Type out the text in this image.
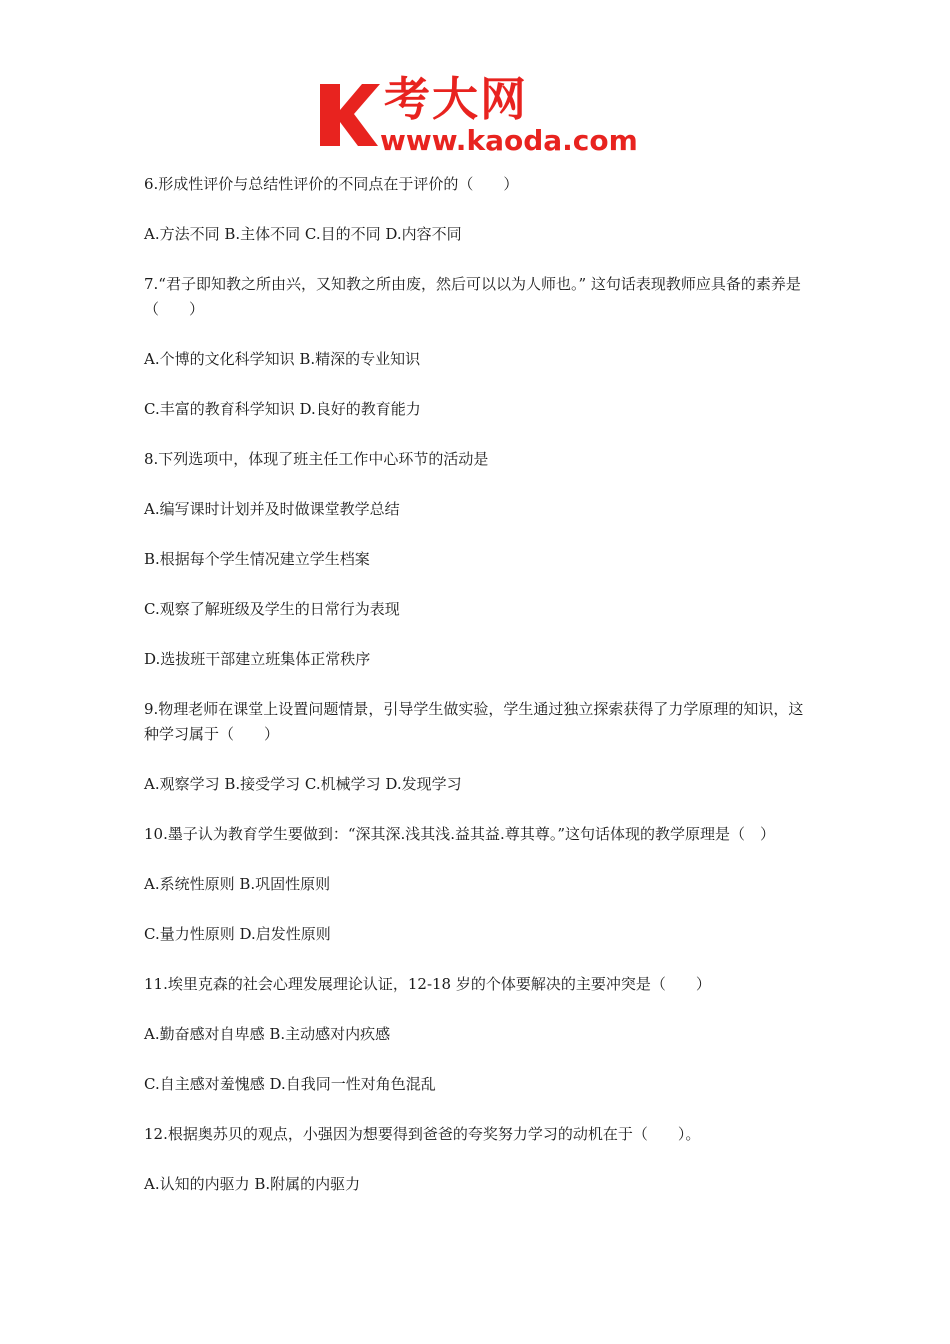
考大网
www.kaoda.com

6.形成性评价与总结性评价的不同点在于评价的（　　）

A.方法不同 B.主体不同 C.目的不同 D.内容不同

7.“君子即知教之所由兴，又知教之所由废，然后可以以为人师也。” 这句话表现教师应具备的素养是（　　）

A.个博的文化科学知识 B.精深的专业知识

C.丰富的教育科学知识 D.良好的教育能力

8.下列选项中，体现了班主任工作中心环节的活动是

A.编写课时计划并及时做课堂教学总结

B.根据每个学生情况建立学生档案

C.观察了解班级及学生的日常行为表现

D.选拔班干部建立班集体正常秩序

9.物理老师在课堂上设置问题情景，引导学生做实验，学生通过独立探索获得了力学原理的知识，这种学习属于（　　）

A.观察学习 B.接受学习 C.机械学习 D.发现学习

10.墨子认为教育学生要做到：“深其深.浅其浅.益其益.尊其尊。”这句话体现的教学原理是（　）

A.系统性原则 B.巩固性原则

C.量力性原则 D.启发性原则

11.埃里克森的社会心理发展理论认证，12-18 岁的个体要解决的主要冲突是（　　）

A.勤奋感对自卑感 B.主动感对内疚感

C.自主感对羞愧感 D.自我同一性对角色混乱

12.根据奥苏贝的观点，小强因为想要得到爸爸的夸奖努力学习的动机在于（　　）。

A.认知的内驱力 B.附属的内驱力
